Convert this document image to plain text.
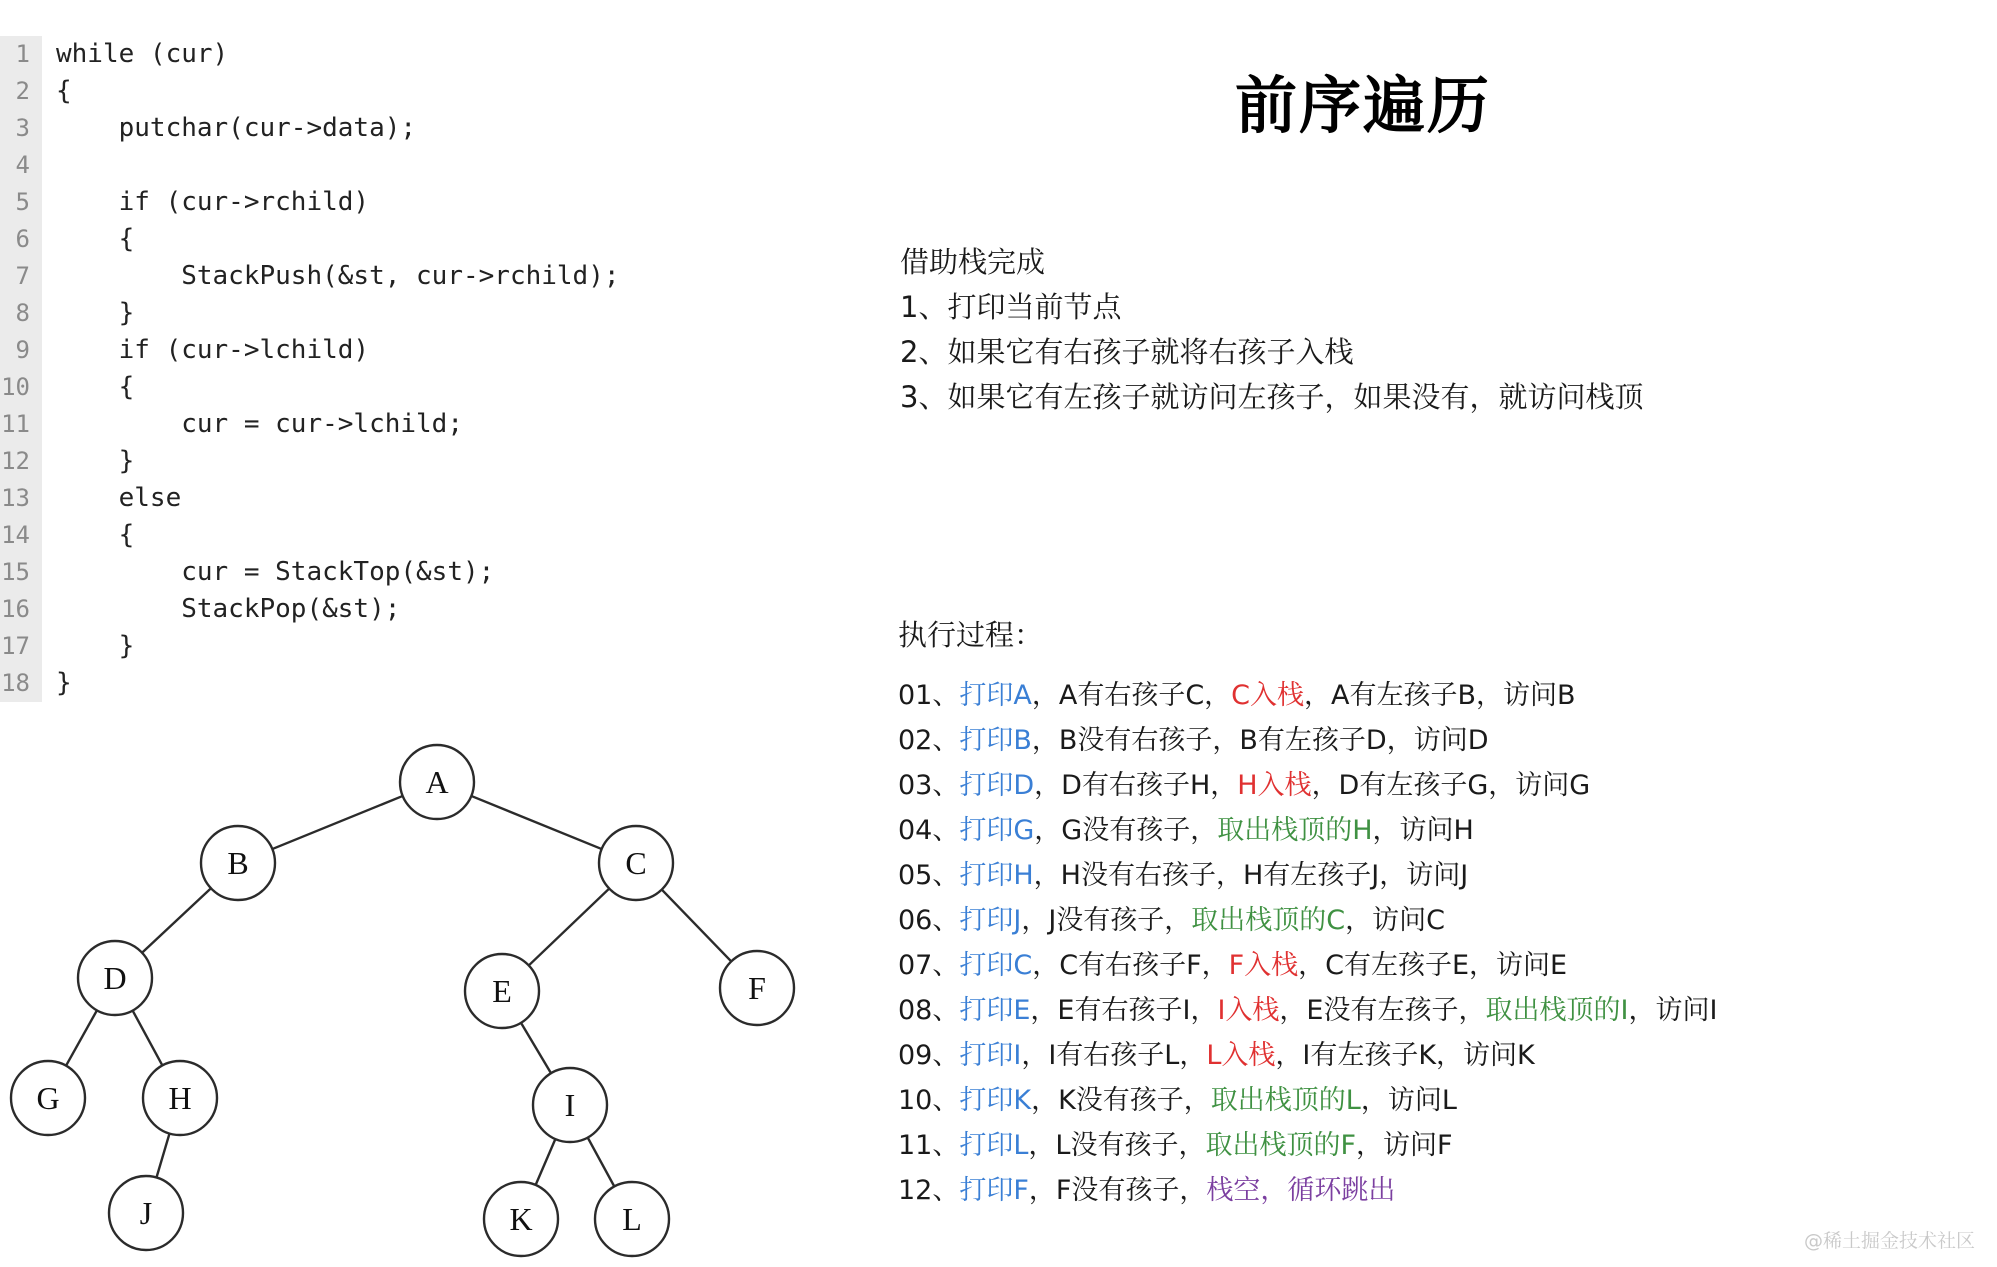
1	while (cur)
2	{
3	putchar(cur->data);
4
5	if (cur->rchild)
6	{
7	StackPush(&st, cur->rchild);
8	}
9	if (cur->lchild)
10	{
11	cur = cur->lchild;
12	}
13	else
14	{
15	cur = StackTop(&st);
16	StackPop(&st);
17	}
18	}
前序遍历
借助栈完成
1、打印当前节点
2、如果它有右孩子就将右孩子入栈
3、如果它有左孩子就访问左孩子，如果没有，就访问栈顶
执行过程：
01、打印A，A有右孩子C，C入栈，A有左孩子B，访问B
02、打印B，B没有右孩子，B有左孩子D，访问D
03、打印D，D有右孩子H，H入栈，D有左孩子G，访问G
04、打印G，G没有孩子，取出栈顶的H，访问H
05、打印H，H没有右孩子，H有左孩子J，访问J
06、打印J，J没有孩子，取出栈顶的C，访问C
07、打印C，C有右孩子F，F入栈，C有左孩子E，访问E
08、打印E，E有右孩子I，I入栈，E没有左孩子，取出栈顶的I，访问I
09、打印I，I有右孩子L，L入栈，I有左孩子K，访问K
10、打印K，K没有孩子，取出栈顶的L，访问L
11、打印L，L没有孩子，取出栈顶的F，访问F
12、打印F，F没有孩子，栈空，循环跳出
A
B	C
D	E	F
G	H	I
J	K	L
@稀土掘金技术社区
